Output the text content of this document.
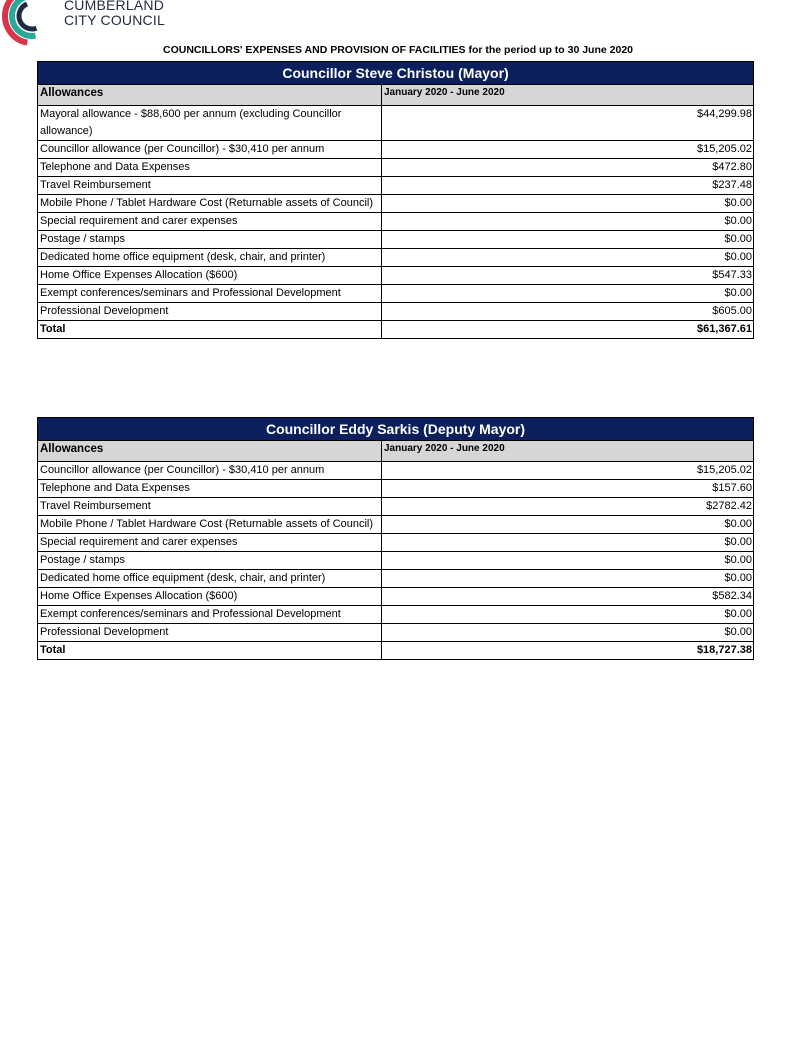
CUMBERLAND
CITY COUNCIL
COUNCILLORS' EXPENSES AND PROVISION OF FACILITIES for the period up to 30 June 2020
Councillor Steve Christou (Mayor)	
Allowances	January 2020 - June 2020
Mayoral allowance - $88,600 per annum (excluding Councillor allowance)	$44,299.98
Councillor allowance (per Councillor) - $30,410 per annum	$15,205.02
Telephone and Data Expenses	$472.80
Travel Reimbursement	$237.48
Mobile Phone / Tablet Hardware Cost (Returnable assets of Council)	$0.00
Special requirement and carer expenses	$0.00
Postage / stamps	$0.00
Dedicated home office equipment (desk, chair, and printer)	$0.00
Home Office Expenses Allocation ($600)	$547.33
Exempt conferences/seminars and Professional Development	$0.00
Professional Development	$605.00
Total	$61,367.61
Councillor Eddy Sarkis (Deputy Mayor)	
Allowances	January 2020 - June 2020
Councillor allowance (per Councillor) - $30,410 per annum	$15,205.02
Telephone and Data Expenses	$157.60
Travel Reimbursement	$2782.42
Mobile Phone / Tablet Hardware Cost (Returnable assets of Council)	$0.00
Special requirement and carer expenses	$0.00
Postage / stamps	$0.00
Dedicated home office equipment (desk, chair, and printer)	$0.00
Home Office Expenses Allocation ($600)	$582.34
Exempt conferences/seminars and Professional Development	$0.00
Professional Development	$0.00
Total	$18,727.38
